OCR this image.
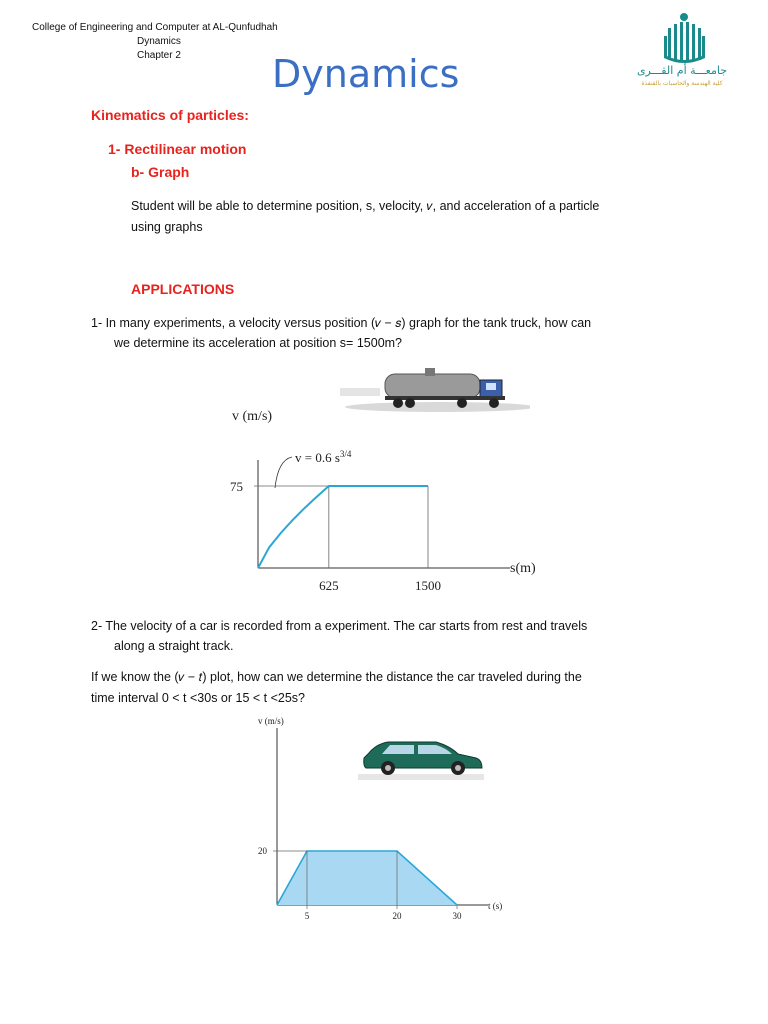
College of Engineering and Computer at AL-Qunfudhah
Dynamics
Chapter 2
جامعـــة أم القـــرى
كلية الهندسة والحاسبات بالقنفذة
Dynamics
Kinematics of particles:
1- Rectilinear motion
b- Graph
Student will be able to determine position, s, velocity, 𝑣, and acceleration of a particle
using graphs
APPLICATIONS
1- In many experiments, a velocity versus position (𝑣 − 𝑠) graph for the tank truck, how can
we determine its acceleration at position s= 1500m?
v (m/s)
s(m)
v = 0.6 $s^{3/4}$
75
625	1500
2- The velocity of a car is recorded from a experiment. The car starts from rest and travels
along a straight track.
If we know the (𝑣 − 𝑡) plot, how can we determine the distance the car traveled during the
time interval 0 < t <30s or 15 < t <25s?
v (m/s)
t (s)
20
5	20	30
